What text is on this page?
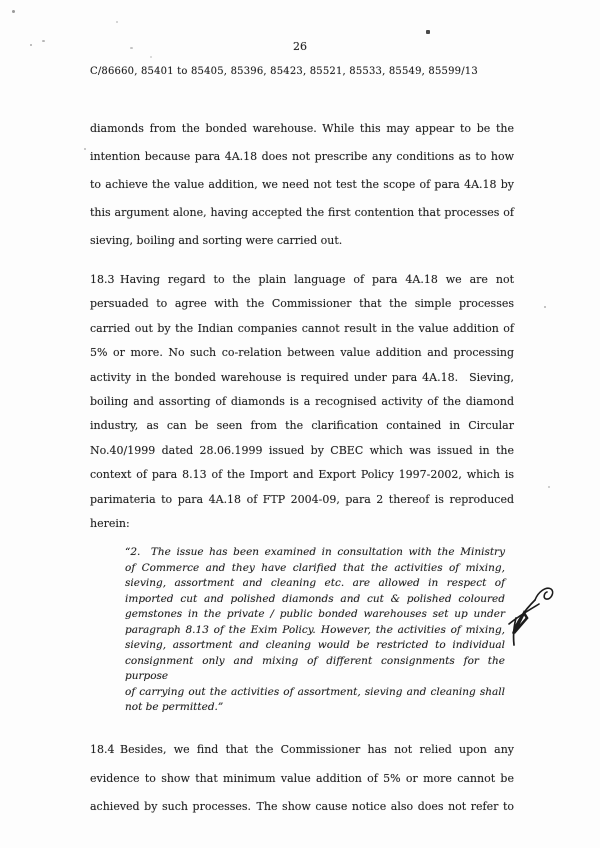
26
C/86660, 85401 to 85405, 85396, 85423, 85521, 85533, 85549, 85599/13
diamonds from the bonded warehouse. While this may appear to be the
intention because para 4A.18 does not prescribe any conditions as to how
to achieve the value addition, we need not test the scope of para 4A.18 by
this argument alone, having accepted the first contention that processes of
sieving, boiling and sorting were carried out.
18.3 Having regard to the plain language of para 4A.18 we are not
persuaded to agree with the Commissioner that the simple processes
carried out by the Indian companies cannot result in the value addition of
5% or more. No such co-relation between value addition and processing
activity in the bonded warehouse is required under para 4A.18. Sieving,
boiling and assorting of diamonds is a recognised activity of the diamond
industry, as can be seen from the clarification contained in Circular
No.40/1999 dated 28.06.1999 issued by CBEC which was issued in the
context of para 8.13 of the Import and Export Policy 1997-2002, which is
parimateria to para 4A.18 of FTP 2004-09, para 2 thereof is reproduced
herein:
“2. The issue has been examined in consultation with the Ministry
of Commerce and they have clarified that the activities of mixing,
sieving, assortment and cleaning etc. are allowed in respect of
imported cut and polished diamonds and cut & polished coloured
gemstones in the private / public bonded warehouses set up under
paragraph 8.13 of the Exim Policy. However, the activities of mixing,
sieving, assortment and cleaning would be restricted to individual
consignment only and mixing of different consignments for the purpose
of carrying out the activities of assortment, sieving and cleaning shall
not be permitted.”
18.4 Besides, we find that the Commissioner has not relied upon any
evidence to show that minimum value addition of 5% or more cannot be
achieved by such processes. The show cause notice also does not refer to
